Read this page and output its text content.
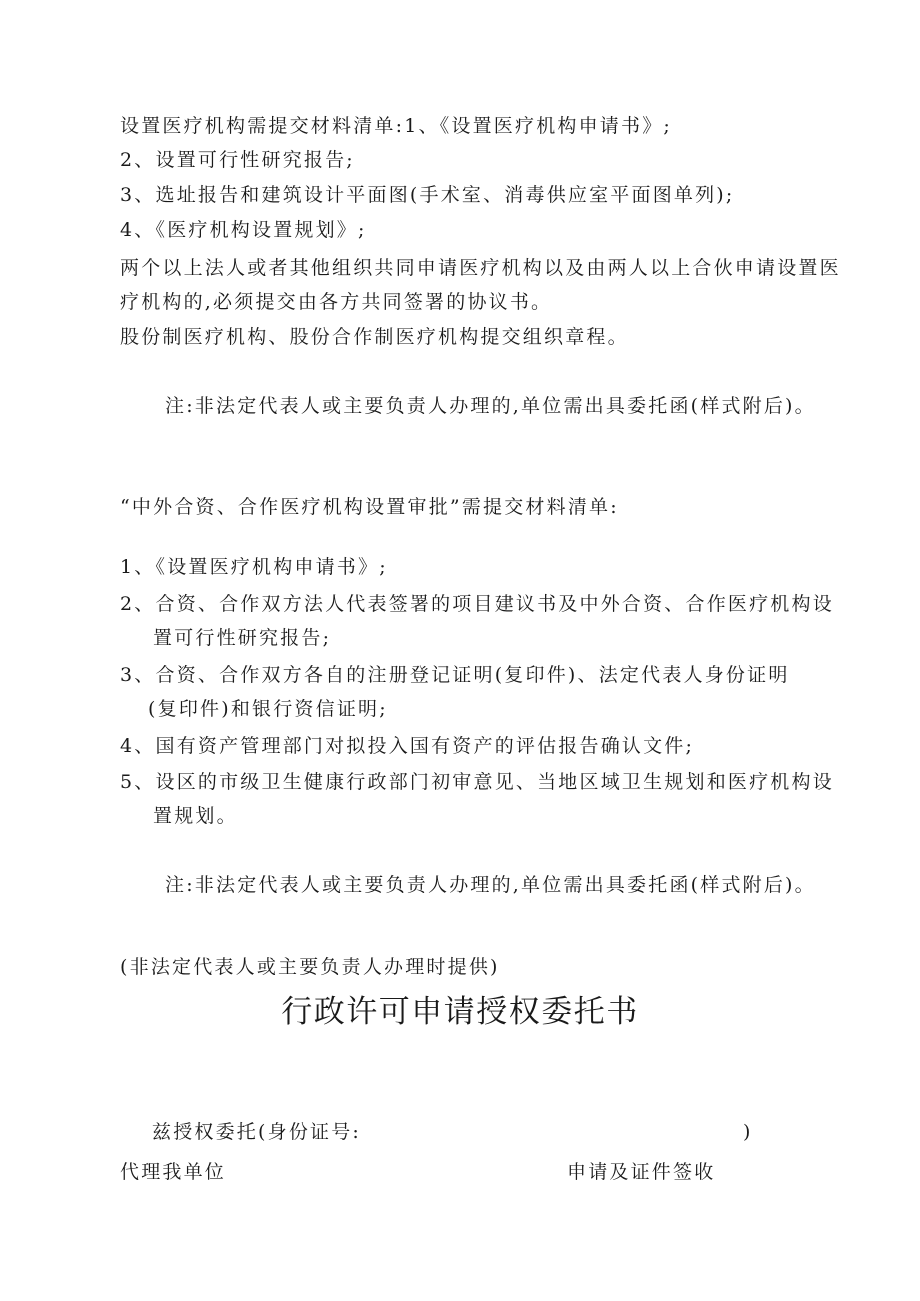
设置医疗机构需提交材料清单:1、《设置医疗机构申请书》;
2、设置可行性研究报告;
3、选址报告和建筑设计平面图(手术室、消毒供应室平面图单列);
4、《医疗机构设置规划》;
两个以上法人或者其他组织共同申请医疗机构以及由两人以上合伙申请设置医
疗机构的,必须提交由各方共同签署的协议书。
股份制医疗机构、股份合作制医疗机构提交组织章程。
注:非法定代表人或主要负责人办理的,单位需出具委托函(样式附后)。
“中外合资、合作医疗机构设置审批”需提交材料清单:
1、《设置医疗机构申请书》;
2、合资、合作双方法人代表签署的项目建议书及中外合资、合作医疗机构设
置可行性研究报告;
3、合资、合作双方各自的注册登记证明(复印件)、法定代表人身份证明
(复印件)和银行资信证明;
4、国有资产管理部门对拟投入国有资产的评估报告确认文件;
5、设区的市级卫生健康行政部门初审意见、当地区域卫生规划和医疗机构设
置规划。
注:非法定代表人或主要负责人办理的,单位需出具委托函(样式附后)。
(非法定代表人或主要负责人办理时提供)
行政许可申请授权委托书
兹授权委托(身份证号:	)
代理我单位	申请及证件签收
